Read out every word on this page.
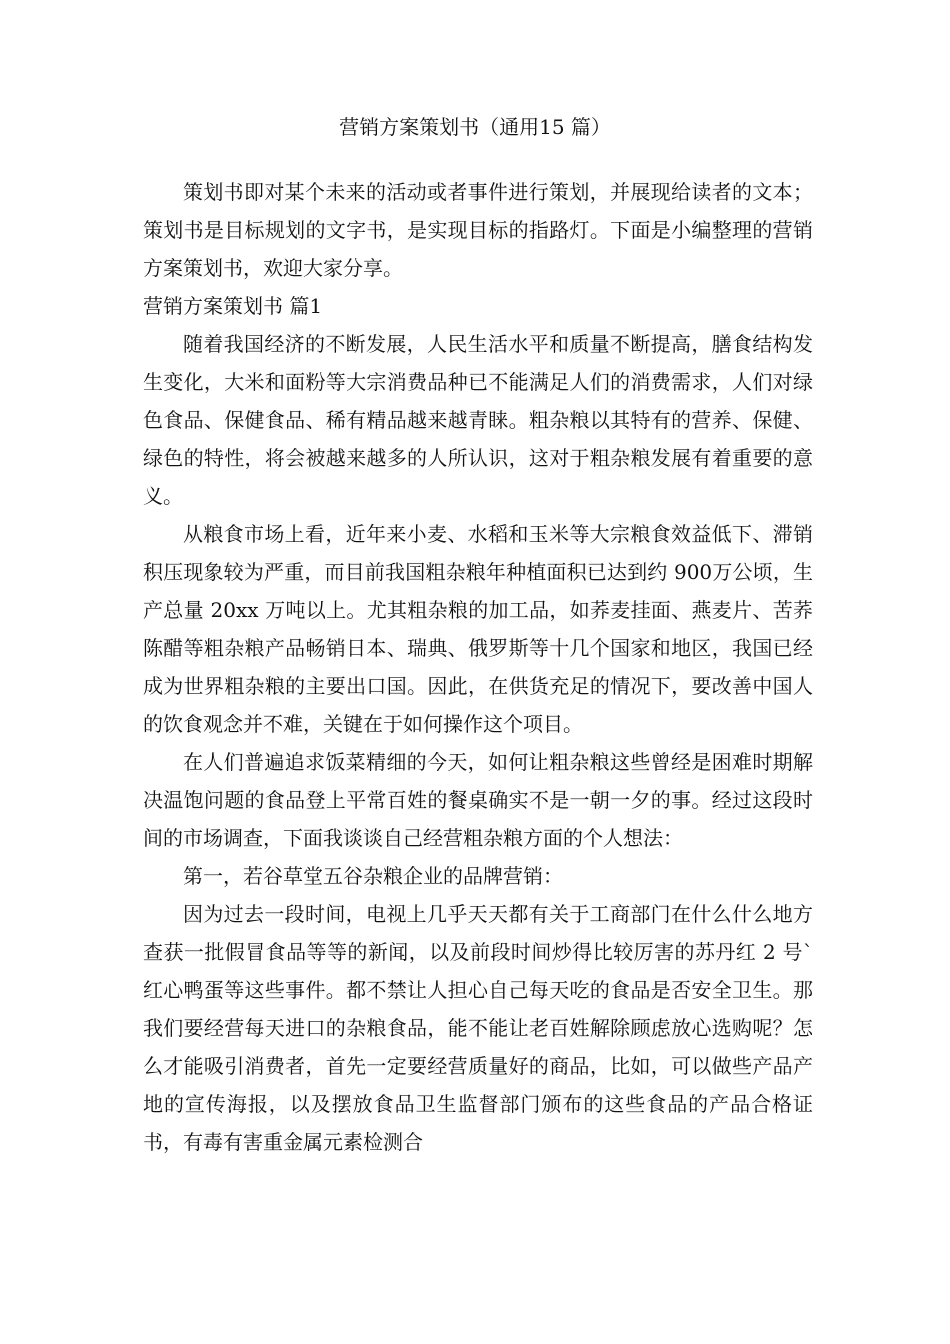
营销方案策划书（通用15 篇）

策划书即对某个未来的活动或者事件进行策划，并展现给读者的文本；策划书是目标规划的文字书，是实现目标的指路灯。下面是小编整理的营销方案策划书，欢迎大家分享。

营销方案策划书 篇1

随着我国经济的不断发展，人民生活水平和质量不断提高，膳食结构发生变化，大米和面粉等大宗消费品种已不能满足人们的消费需求，人们对绿色食品、保健食品、稀有精品越来越青睐。粗杂粮以其特有的营养、保健、绿色的特性，将会被越来越多的人所认识，这对于粗杂粮发展有着重要的意义。

从粮食市场上看，近年来小麦、水稻和玉米等大宗粮食效益低下、滞销积压现象较为严重，而目前我国粗杂粮年种植面积已达到约 900万公顷，生产总量 20xx 万吨以上。尤其粗杂粮的加工品，如荞麦挂面、燕麦片、苦荞陈醋等粗杂粮产品畅销日本、瑞典、俄罗斯等十几个国家和地区，我国已经成为世界粗杂粮的主要出口国。因此，在供货充足的情况下，要改善中国人的饮食观念并不难，关键在于如何操作这个项目。

在人们普遍追求饭菜精细的今天，如何让粗杂粮这些曾经是困难时期解决温饱问题的食品登上平常百姓的餐桌确实不是一朝一夕的事。经过这段时间的市场调查，下面我谈谈自己经营粗杂粮方面的个人想法：

第一，若谷草堂五谷杂粮企业的品牌营销：

因为过去一段时间，电视上几乎天天都有关于工商部门在什么什么地方查获一批假冒食品等等的新闻，以及前段时间炒得比较厉害的苏丹红 2 号`红心鸭蛋等这些事件。都不禁让人担心自己每天吃的食品是否安全卫生。那我们要经营每天进口的杂粮食品，能不能让老百姓解除顾虑放心选购呢？怎么才能吸引消费者，首先一定要经营质量好的商品，比如，可以做些产品产地的宣传海报，以及摆放食品卫生监督部门颁布的这些食品的产品合格证书，有毒有害重金属元素检测合
